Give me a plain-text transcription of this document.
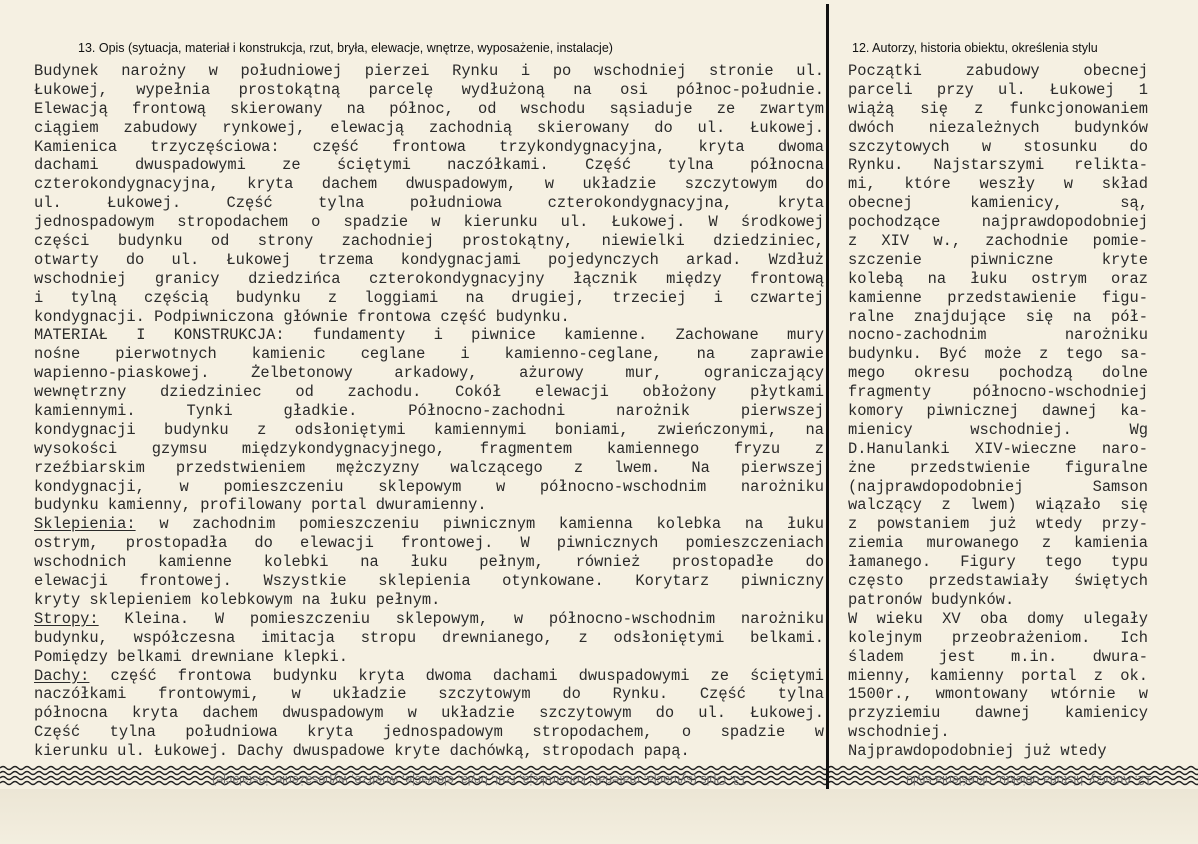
13. Opis (sytuacja, materiał i konstrukcja, rzut, bryła, elewacje, wnętrze, wyposażenie, instalacje)	12. Autorzy, historia obiektu, określenia stylu
Budynek narożny w południowej pierzei Rynku i po wschodniej stronie ul.
Łukowej, wypełnia prostokątną parcelę wydłużoną na osi północ-południe.
Elewacją frontową skierowany na północ, od wschodu sąsiaduje ze zwartym
ciągiem zabudowy rynkowej, elewacją zachodnią skierowany do ul. Łukowej.
Kamienica trzyczęściowa: część frontowa trzykondygnacyjna, kryta dwoma
dachami dwuspadowymi ze ściętymi naczółkami. Część tylna północna
czterokondygnacyjna, kryta dachem dwuspadowym, w układzie szczytowym do
ul. Łukowej. Część tylna południowa czterokondygnacyjna, kryta
jednospadowym stropodachem o spadzie w kierunku ul. Łukowej. W środkowej
części budynku od strony zachodniej prostokątny, niewielki dziedziniec,
otwarty do ul. Łukowej trzema kondygnacjami pojedynczych arkad. Wzdłuż
wschodniej granicy dziedzińca czterokondygnacyjny łącznik między frontową
i tylną częścią budynku z loggiami na drugiej, trzeciej i czwartej
kondygnacji. Podpiwniczona głównie frontowa część budynku.
MATERIAŁ I KONSTRUKCJA: fundamenty i piwnice kamienne. Zachowane mury
nośne pierwotnych kamienic ceglane i kamienno-ceglane, na zaprawie
wapienno-piaskowej. Żelbetonowy arkadowy, ażurowy mur, ograniczający
wewnętrzny dziedziniec od zachodu. Cokół elewacji obłożony płytkami
kamiennymi. Tynki gładkie. Północno-zachodni narożnik pierwszej
kondygnacji budynku z odsłoniętymi kamiennymi boniami, zwieńczonymi, na
wysokości gzymsu międzykondygnacyjnego, fragmentem kamiennego fryzu z
rzeźbiarskim przedstwieniem mężczyzny walczącego z lwem. Na pierwszej
kondygnacji, w pomieszczeniu sklepowym w północno-wschodnim narożniku
budynku kamienny, profilowany portal dwuramienny.
Sklepienia: w zachodnim pomieszczeniu piwnicznym kamienna kolebka na łuku
ostrym, prostopadła do elewacji frontowej. W piwnicznych pomieszczeniach
wschodnich kamienne kolebki na łuku pełnym, również prostopadłe do
elewacji frontowej. Wszystkie sklepienia otynkowane. Korytarz piwniczny
kryty sklepieniem kolebkowym na łuku pełnym.
Stropy: Kleina. W pomieszczeniu sklepowym, w północno-wschodnim narożniku
budynku, współczesna imitacja stropu drewnianego, z odsłoniętymi belkami.
Pomiędzy belkami drewniane klepki.
Dachy: część frontowa budynku kryta dwoma dachami dwuspadowymi ze ściętymi
naczółkami frontowymi, w układzie szczytowym do Rynku. Część tylna
północna kryta dachem dwuspadowym w układzie szczytowym do ul. Łukowej.
Część tylna południowa kryta jednospadowym stropodachem, o spadzie w
kierunku ul. Łukowej. Dachy dwuspadowe kryte dachówką, stropodach papą.
Początki zabudowy obecnej
parceli przy ul. Łukowej 1
wiążą się z funkcjonowaniem
dwóch niezależnych budynków
szczytowych w stosunku do
Rynku. Najstarszymi relikta-
mi, które weszły w skład
obecnej kamienicy, są,
pochodzące najprawdopodobniej
z XIV w., zachodnie pomie-
szczenie piwniczne kryte
kolebą na łuku ostrym oraz
kamienne przedstawienie figu-
ralne znajdujące się na pół-
nocno-zachodnim narożniku
budynku. Być może z tego sa-
mego okresu pochodzą dolne
fragmenty północno-wschodniej
komory piwnicznej dawnej ka-
mienicy wschodniej. Wg
D.Hanulanki XIV-wieczne naro-
żne przedstwienie figuralne
(najprawdopodobniej Samson
walczący z lwem) wiązało się
z powstaniem już wtedy przy-
ziemia murowanego z kamienia
łamanego. Figury tego typu
często przedstawiały świętych
patronów budynków.
W wieku XV oba domy ulegały
kolejnym przeobrażeniom. Ich
śladem jest m.in. dwura-
mienny, kamienny portal z ok.
1500r., wmontowany wtórnie w
przyziemiu dawnej kamienicy
wschodniej.
Najprawdopodobniej już wtedy
13. Opis (sytuacja, materiał i konstrukcja, rzut, bryła, elewacje, wnętrze, wyposażenie, instalacje)	12. Autorzy, historia obiektu, określenia stylu
